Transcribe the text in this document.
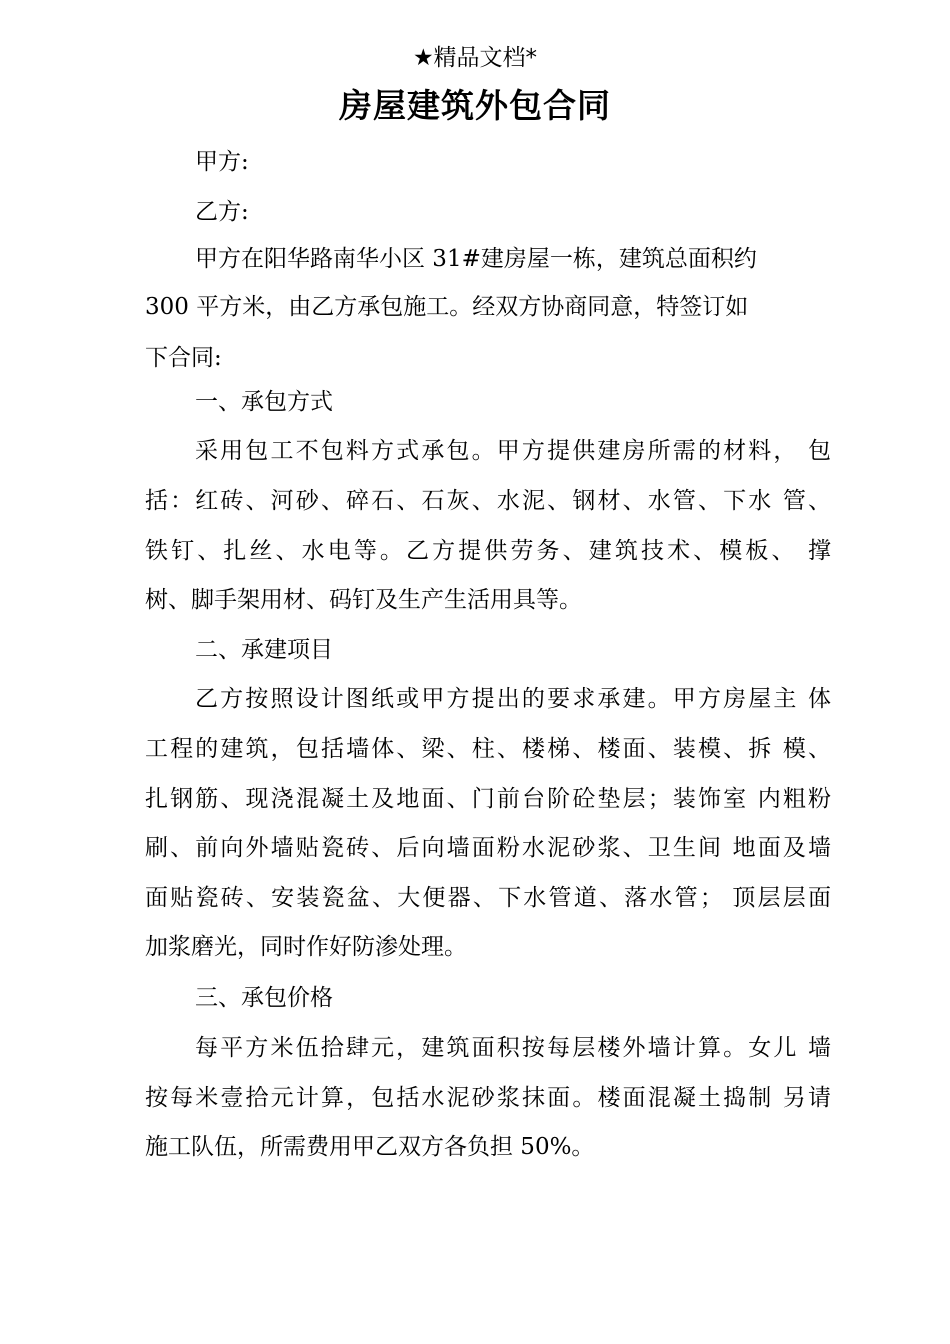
★精品文档*
房屋建筑外包合同
甲方:
乙方:
甲方在阳华路南华小区 31#建房屋一栋，建筑总面积约
300 平方米，由乙方承包施工。经双方协商同意，特签订如
下合同:
一、承包方式
采用包工不包料方式承包。甲方提供建房所需的材料， 包
括：红砖、河砂、碎石、石灰、水泥、钢材、水管、下水 管、
铁钉、扎丝、水电等。乙方提供劳务、建筑技术、模板、 撑
树、脚手架用材、码钉及生产生活用具等。
二、承建项目
乙方按照设计图纸或甲方提出的要求承建。甲方房屋主 体
工程的建筑，包括墙体、梁、柱、楼梯、楼面、装模、拆 模、
扎钢筋、现浇混凝土及地面、门前台阶砼垫层；装饰室 内粗粉
刷、前向外墙贴瓷砖、后向墙面粉水泥砂浆、卫生间 地面及墙
面贴瓷砖、安装瓷盆、大便器、下水管道、落水管； 顶层层面
加浆磨光，同时作好防渗处理。
三、承包价格
每平方米伍拾肆元，建筑面积按每层楼外墙计算。女儿 墙
按每米壹拾元计算，包括水泥砂浆抹面。楼面混凝土捣制 另请
施工队伍，所需费用甲乙双方各负担 50%。
